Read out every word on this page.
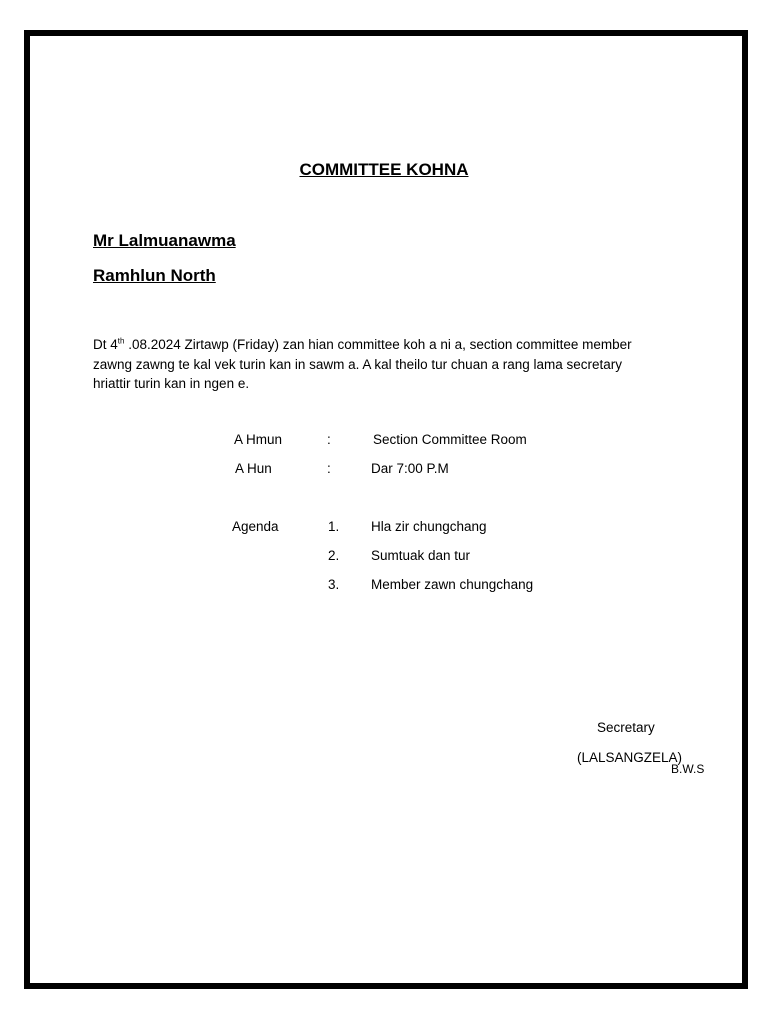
COMMITTEE KOHNA
Mr Lalmuanawma
Ramhlun North
Dt 4th .08.2024 Zirtawp (Friday) zan hian committee koh a ni a, section committee member
zawng zawng te kal vek turin kan in sawm a. A kal theilo tur chuan a rang lama secretary
hriattir turin kan in ngen e.
A Hmun	:	Section Committee Room
A Hun	:	Dar 7:00 P.M
Agenda	1. Hla zir chungchang
2. Sumtuak dan tur
3. Member zawn chungchang
Secretary
(LALSANGZELA)
B.W.S
